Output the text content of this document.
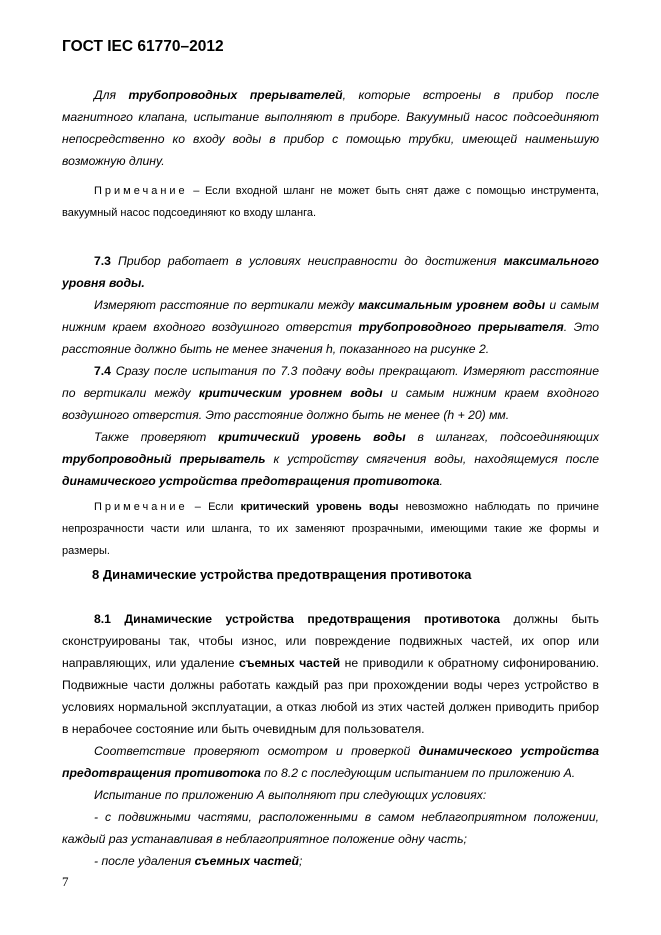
ГОСТ IEC 61770–2012
Для трубопроводных прерывателей, которые встроены в прибор после магнитного клапана, испытание выполняют в приборе. Вакуумный насос подсоединяют непосредственно ко входу воды в прибор с помощью трубки, имеющей наименьшую возможную длину.
Примечание – Если входной шланг не может быть снят даже с помощью инструмента, вакуумный насос подсоединяют ко входу шланга.
7.3 Прибор работает в условиях неисправности до достижения максимального уровня воды.
Измеряют расстояние по вертикали между максимальным уровнем воды и самым нижним краем входного воздушного отверстия трубопроводного прерывателя. Это расстояние должно быть не менее значения h, показанного на рисунке 2.
7.4 Сразу после испытания по 7.3 подачу воды прекращают. Измеряют расстояние по вертикали между критическим уровнем воды и самым нижним краем входного воздушного отверстия. Это расстояние должно быть не менее (h + 20) мм.
Также проверяют критический уровень воды в шлангах, подсоединяющих трубопроводный прерыватель к устройству смягчения воды, находящемуся после динамического устройства предотвращения противотока.
Примечание – Если критический уровень воды невозможно наблюдать по причине непрозрачности части или шланга, то их заменяют прозрачными, имеющими такие же формы и размеры.
8 Динамические устройства предотвращения противотока
8.1 Динамические устройства предотвращения противотока должны быть сконструированы так, чтобы износ, или повреждение подвижных частей, их опор или направляющих, или удаление съемных частей не приводили к обратному сифонированию. Подвижные части должны работать каждый раз при прохождении воды через устройство в условиях нормальной эксплуатации, а отказ любой из этих частей должен приводить прибор в нерабочее состояние или быть очевидным для пользователя.
Соответствие проверяют осмотром и проверкой динамического устройства предотвращения противотока по 8.2 с последующим испытанием по приложению А.
Испытание по приложению А выполняют при следующих условиях:
- с подвижными частями, расположенными в самом неблагоприятном положении, каждый раз устанавливая в неблагоприятное положение одну часть;
- после удаления съемных частей;
7
